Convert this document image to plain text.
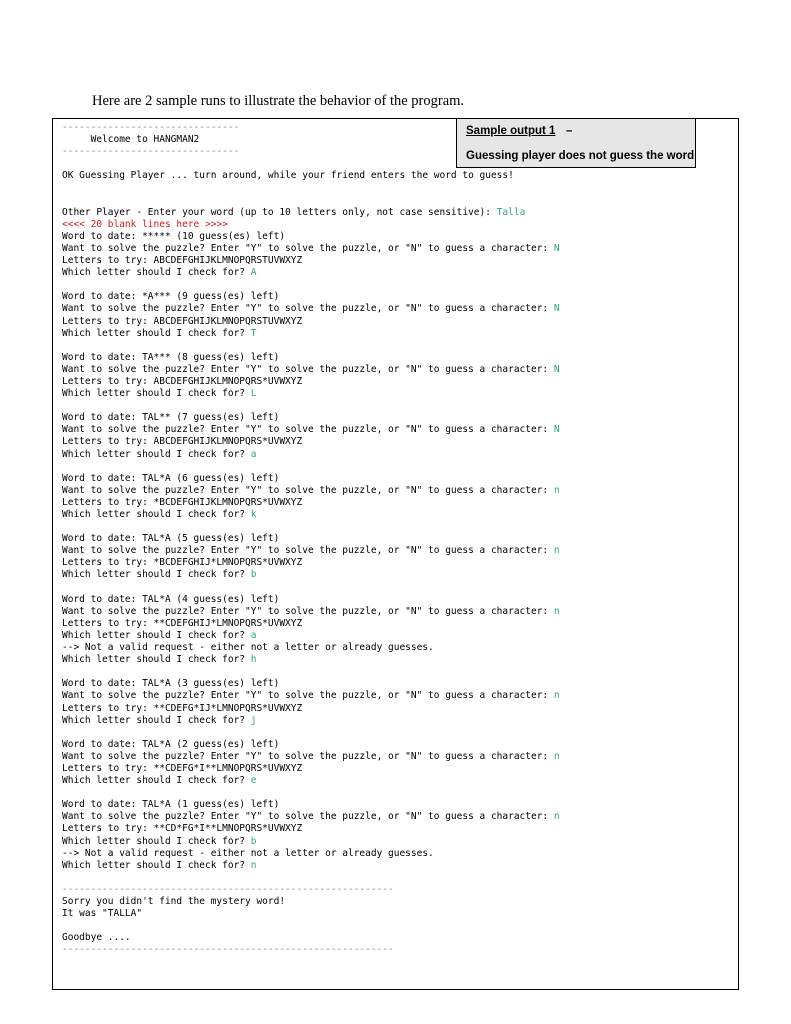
Here are 2 sample runs to illustrate the behavior of the program.
Sample output 1 –
Guessing player does not guess the word
-------------------------------
Welcome to HANGMAN2
-------------------------------
OK Guessing Player ... turn around, while your friend enters the word to guess!
Other Player - Enter your word (up to 10 letters only, not case sensitive): Talla
<<<< 20 blank lines here >>>>
Word to date: ***** (10 guess(es) left)
Want to solve the puzzle? Enter "Y" to solve the puzzle, or "N" to guess a character: N
Letters to try: ABCDEFGHIJKLMNOPQRSTUVWXYZ
Which letter should I check for? A
Word to date: *A*** (9 guess(es) left)
Want to solve the puzzle? Enter "Y" to solve the puzzle, or "N" to guess a character: N
Letters to try: ABCDEFGHIJKLMNOPQRSTUVWXYZ
Which letter should I check for? T
Word to date: TA*** (8 guess(es) left)
Want to solve the puzzle? Enter "Y" to solve the puzzle, or "N" to guess a character: N
Letters to try: ABCDEFGHIJKLMNOPQRS*UVWXYZ
Which letter should I check for? L
Word to date: TAL** (7 guess(es) left)
Want to solve the puzzle? Enter "Y" to solve the puzzle, or "N" to guess a character: N
Letters to try: ABCDEFGHIJKLMNOPQRS*UVWXYZ
Which letter should I check for? a
Word to date: TAL*A (6 guess(es) left)
Want to solve the puzzle? Enter "Y" to solve the puzzle, or "N" to guess a character: n
Letters to try: *BCDEFGHIJKLMNOPQRS*UVWXYZ
Which letter should I check for? k
Word to date: TAL*A (5 guess(es) left)
Want to solve the puzzle? Enter "Y" to solve the puzzle, or "N" to guess a character: n
Letters to try: *BCDEFGHIJ*LMNOPQRS*UVWXYZ
Which letter should I check for? b
Word to date: TAL*A (4 guess(es) left)
Want to solve the puzzle? Enter "Y" to solve the puzzle, or "N" to guess a character: n
Letters to try: **CDEFGHIJ*LMNOPQRS*UVWXYZ
Which letter should I check for? a
--> Not a valid request - either not a letter or already guesses.
Which letter should I check for? h
Word to date: TAL*A (3 guess(es) left)
Want to solve the puzzle? Enter "Y" to solve the puzzle, or "N" to guess a character: n
Letters to try: **CDEFG*IJ*LMNOPQRS*UVWXYZ
Which letter should I check for? j
Word to date: TAL*A (2 guess(es) left)
Want to solve the puzzle? Enter "Y" to solve the puzzle, or "N" to guess a character: n
Letters to try: **CDEFG*I**LMNOPQRS*UVWXYZ
Which letter should I check for? e
Word to date: TAL*A (1 guess(es) left)
Want to solve the puzzle? Enter "Y" to solve the puzzle, or "N" to guess a character: n
Letters to try: **CD*FG*I**LMNOPQRS*UVWXYZ
Which letter should I check for? b
--> Not a valid request - either not a letter or already guesses.
Which letter should I check for? n
----------------------------------------------------------
Sorry you didn't find the mystery word!
It was "TALLA"
Goodbye ....
----------------------------------------------------------
